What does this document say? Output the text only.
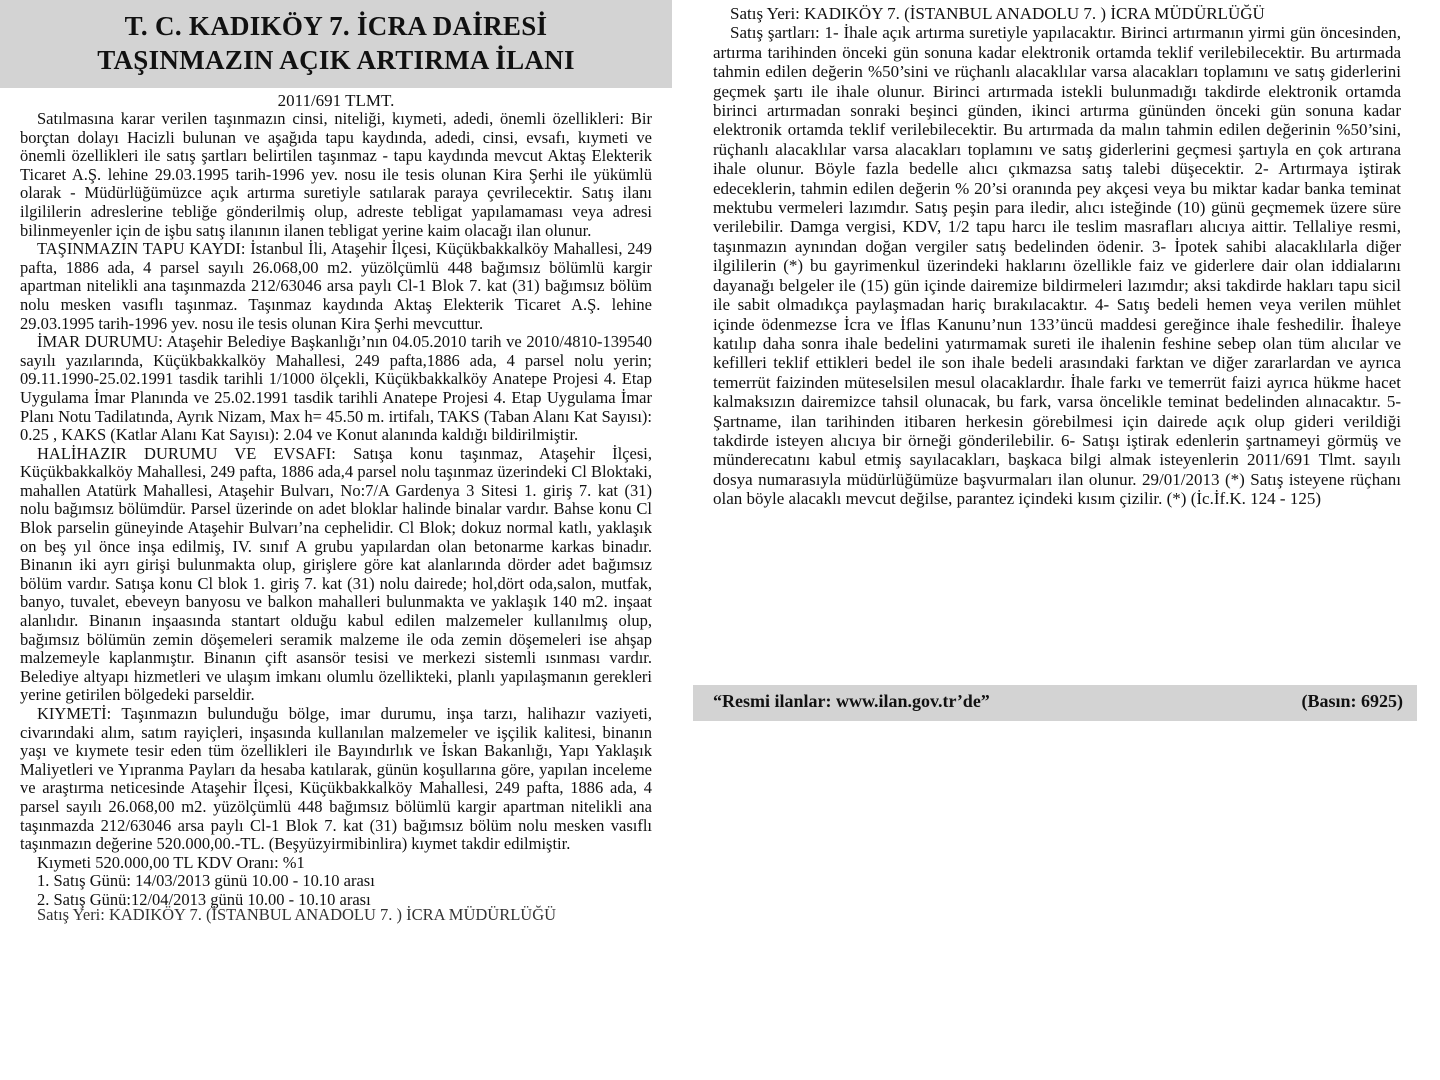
T. C. KADIKÖY 7. İCRA DAİRESİ
TAŞINMAZIN AÇIK ARTIRMA İLANI
2011/691 TLMT.

Satılmasına karar verilen taşınmazın cinsi, niteliği, kıymeti, adedi, önemli özellikleri: Bir borçtan dolayı Hacizli bulunan ve aşağıda tapu kaydında, adedi, cinsi, evsafı, kıymeti ve önemli özellikleri ile satış şartları belirtilen taşınmaz - tapu kaydında mevcut Aktaş Elekterik Ticaret A.Ş. lehine 29.03.1995 tarih-1996 yev. nosu ile tesis olunan Kira Şerhi ile yükümlü olarak - Müdürlüğümüzce açık artırma suretiyle satılarak paraya çevrilecektir. Satış ilanı ilgililerin adreslerine tebliğe gönderilmiş olup, adreste tebligat yapılamaması veya adresi bilinmeyenler için de işbu satış ilanının ilanen tebligat yerine kaim olacağı ilan olunur.

TAŞINMAZIN TAPU KAYDI: İstanbul İli, Ataşehir İlçesi, Küçükbakkalköy Mahallesi, 249 pafta, 1886 ada, 4 parsel sayılı 26.068,00 m2. yüzölçümlü 448 bağımsız bölümlü kargir apartman nitelikli ana taşınmazda 212/63046 arsa paylı Cl-1 Blok 7. kat (31) bağımsız bölüm nolu mesken vasıflı taşınmaz. Taşınmaz kaydında Aktaş Elekterik Ticaret A.Ş. lehine 29.03.1995 tarih-1996 yev. nosu ile tesis olunan Kira Şerhi mevcuttur.

İMAR DURUMU: Ataşehir Belediye Başkanlığı’nın 04.05.2010 tarih ve 2010/4810-139540 sayılı yazılarında, Küçükbakkalköy Mahallesi, 249 pafta,1886 ada, 4 parsel nolu yerin; 09.11.1990-25.02.1991 tasdik tarihli 1/1000 ölçekli, Küçükbakkalköy Anatepe Projesi 4. Etap Uygulama İmar Planında ve 25.02.1991 tasdik tarihli Anatepe Projesi 4. Etap Uygulama İmar Planı Notu Tadilatında, Ayrık Nizam, Max h= 45.50 m. irtifalı, TAKS (Taban Alanı Kat Sayısı): 0.25 , KAKS (Katlar Alanı Kat Sayısı): 2.04 ve Konut alanında kaldığı bildirilmiştir.

HALİHAZIR DURUMU VE EVSAFI: Satışa konu taşınmaz, Ataşehir İlçesi, Küçükbakkalköy Mahallesi, 249 pafta, 1886 ada,4 parsel nolu taşınmaz üzerindeki Cl Bloktaki, mahallen Atatürk Mahallesi, Ataşehir Bulvarı, No:7/A Gardenya 3 Sitesi 1. giriş 7. kat (31) nolu bağımsız bölümdür. Parsel üzerinde on adet bloklar halinde binalar vardır. Bahse konu Cl Blok parselin güneyinde Ataşehir Bulvarı’na cephelidir. Cl Blok; dokuz normal katlı, yaklaşık on beş yıl önce inşa edilmiş, IV. sınıf A grubu yapılardan olan betonarme karkas binadır. Binanın iki ayrı girişi bulunmakta olup, girişlere göre kat alanlarında dörder adet bağımsız bölüm vardır. Satışa konu Cl blok 1. giriş 7. kat (31) nolu dairede; hol,dört oda,salon, mutfak, banyo, tuvalet, ebeveyn banyosu ve balkon mahalleri bulunmakta ve yaklaşık 140 m2. inşaat alanlıdır. Binanın inşaasında stantart olduğu kabul edilen malzemeler kullanılmış olup, bağımsız bölümün zemin döşemeleri seramik malzeme ile oda zemin döşemeleri ise ahşap malzemeyle kaplanmıştır. Binanın çift asansör tesisi ve merkezi sistemli ısınması vardır. Belediye altyapı hizmetleri ve ulaşım imkanı olumlu özellikteki, planlı yapılaşmanın gerekleri yerine getirilen bölgedeki parseldir.

KIYMETİ: Taşınmazın bulunduğu bölge, imar durumu, inşa tarzı, halihazır vaziyeti, civarındaki alım, satım rayiçleri, inşasında kullanılan malzemeler ve işçilik kalitesi, binanın yaşı ve kıymete tesir eden tüm özellikleri ile Bayındırlık ve İskan Bakanlığı, Yapı Yaklaşık Maliyetleri ve Yıpranma Payları da hesaba katılarak, günün koşullarına göre, yapılan inceleme ve araştırma neticesinde Ataşehir İlçesi, Küçükbakkalköy Mahallesi, 249 pafta, 1886 ada, 4 parsel sayılı 26.068,00 m2. yüzölçümlü 448 bağımsız bölümlü kargir apartman nitelikli ana taşınmazda 212/63046 arsa paylı Cl-1 Blok 7. kat (31) bağımsız bölüm nolu mesken vasıflı taşınmazın değerine 520.000,00.-TL. (Beşyüzyirmibinlira) kıymet takdir edilmiştir.

Kıymeti 520.000,00 TL KDV Oranı: %1

1. Satış Günü: 14/03/2013 günü 10.00 - 10.10 arası

2. Satış Günü:12/04/2013 günü 10.00 - 10.10 arası

Satış Yeri: KADIKÖY 7. (İSTANBUL ANADOLU 7. ) İCRA MÜDÜRLÜĞÜ

Satış Yeri: KADIKÖY 7. (İSTANBUL ANADOLU 7. ) İCRA MÜDÜRLÜĞÜ

Satış şartları: 1- İhale açık artırma suretiyle yapılacaktır. Birinci artırmanın yirmi gün öncesinden, artırma tarihinden önceki gün sonuna kadar elektronik ortamda teklif verilebilecektir. Bu artırmada tahmin edilen değerin %50’sini ve rüçhanlı alacaklılar varsa alacakları toplamını ve satış giderlerini geçmek şartı ile ihale olunur. Birinci artırmada istekli bulunmadığı takdirde elektronik ortamda birinci artırmadan sonraki beşinci günden, ikinci artırma gününden önceki gün sonuna kadar elektronik ortamda teklif verilebilecektir. Bu artırmada da malın tahmin edilen değerinin %50’sini, rüçhanlı alacaklılar varsa alacakları toplamını ve satış giderlerini geçmesi şartıyla en çok artırana ihale olunur. Böyle fazla bedelle alıcı çıkmazsa satış talebi düşecektir. 2- Artırmaya iştirak edeceklerin, tahmin edilen değerin % 20’si oranında pey akçesi veya bu miktar kadar banka teminat mektubu vermeleri lazımdır. Satış peşin para iledir, alıcı isteğinde (10) günü geçmemek üzere süre verilebilir. Damga vergisi, KDV, 1/2 tapu harcı ile teslim masrafları alıcıya aittir. Tellaliye resmi, taşınmazın aynından doğan vergiler satış bedelinden ödenir. 3- İpotek sahibi alacaklılarla diğer ilgililerin (*) bu gayrimenkul üzerindeki haklarını özellikle faiz ve giderlere dair olan iddialarını dayanağı belgeler ile (15) gün içinde dairemize bildirmeleri lazımdır; aksi takdirde hakları tapu sicil ile sabit olmadıkça paylaşmadan hariç bırakılacaktır. 4- Satış bedeli hemen veya verilen mühlet içinde ödenmezse İcra ve İflas Kanunu’nun 133’üncü maddesi gereğince ihale feshedilir. İhaleye katılıp daha sonra ihale bedelini yatırmamak sureti ile ihalenin feshine sebep olan tüm alıcılar ve kefilleri teklif ettikleri bedel ile son ihale bedeli arasındaki farktan ve diğer zararlardan ve ayrıca temerrüt faizinden müteselsilen mesul olacaklardır. İhale farkı ve temerrüt faizi ayrıca hükme hacet kalmaksızın dairemizce tahsil olunacak, bu fark, varsa öncelikle teminat bedelinden alınacaktır. 5- Şartname, ilan tarihinden itibaren herkesin görebilmesi için dairede açık olup gideri verildiği takdirde isteyen alıcıya bir örneği gönderilebilir. 6- Satışı iştirak edenlerin şartnameyi görmüş ve münderecatını kabul etmiş sayılacakları, başkaca bilgi almak isteyenlerin 2011/691 Tlmt. sayılı dosya numarasıyla müdürlüğümüze başvurmaları ilan olunur. 29/01/2013 (*) Satış isteyene rüçhanı olan böyle alacaklı mevcut değilse, parantez içindeki kısım çizilir. (*) (İc.İf.K. 124 - 125)

“Resmi ilanlar: www.ilan.gov.tr’de”	(Basın: 6925)
